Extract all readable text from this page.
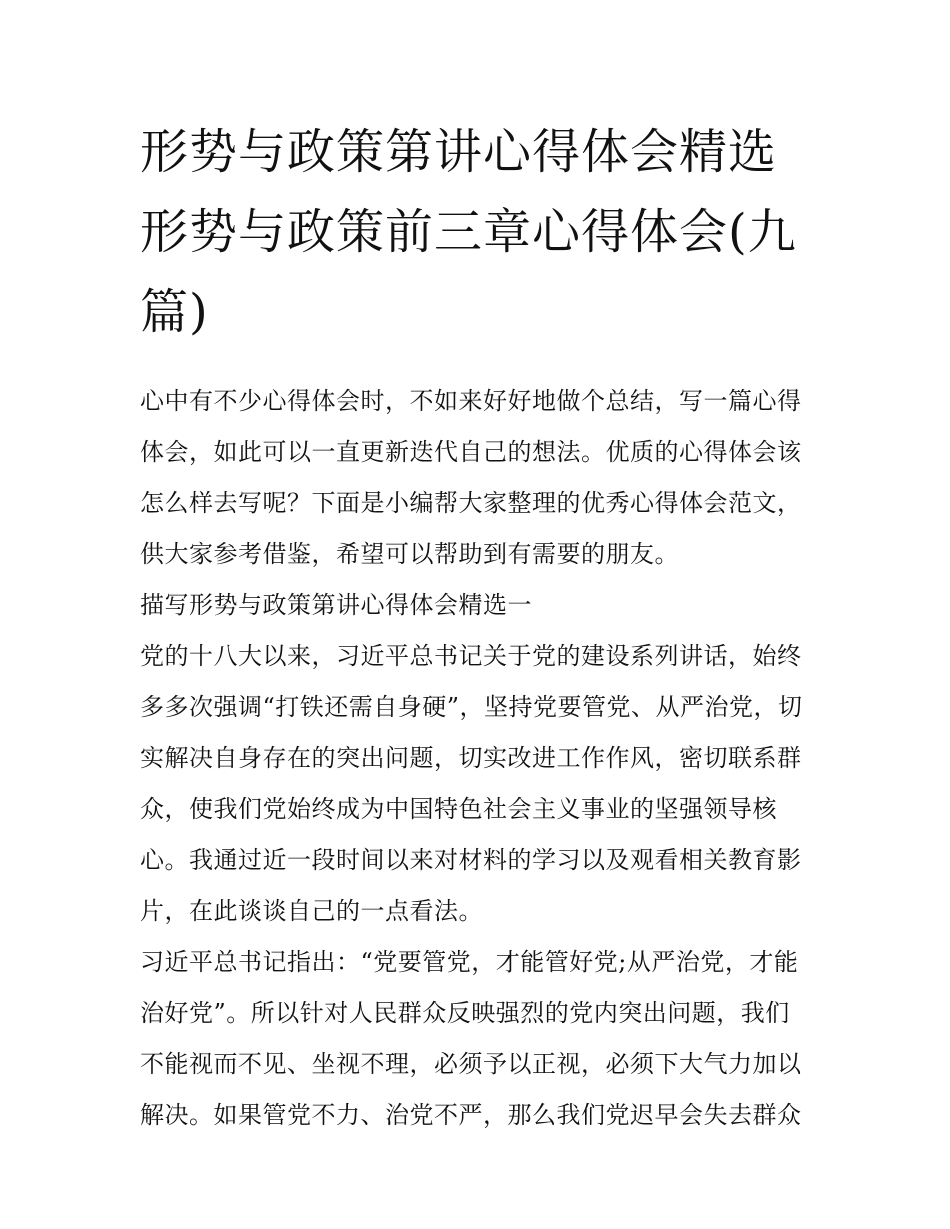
形势与政策第讲心得体会精选形势与政策前三章心得体会(九篇)

心中有不少心得体会时，不如来好好地做个总结，写一篇心得体会，如此可以一直更新迭代自己的想法。优质的心得体会该怎么样去写呢？下面是小编帮大家整理的优秀心得体会范文，供大家参考借鉴，希望可以帮助到有需要的朋友。

描写形势与政策第讲心得体会精选一

党的十八大以来，习近平总书记关于党的建设系列讲话，始终多多次强调“打铁还需自身硬”，坚持党要管党、从严治党，切实解决自身存在的突出问题，切实改进工作作风，密切联系群众，使我们党始终成为中国特色社会主义事业的坚强领导核心。我通过近一段时间以来对材料的学习以及观看相关教育影片，在此谈谈自己的一点看法。

习近平总书记指出：“党要管党，才能管好党;从严治党，才能治好党”。所以针对人民群众反映强烈的党内突出问题，我们不能视而不见、坐视不理，必须予以正视，必须下大气力加以解决。如果管党不力、治党不严，那么我们党迟早会失去群众
